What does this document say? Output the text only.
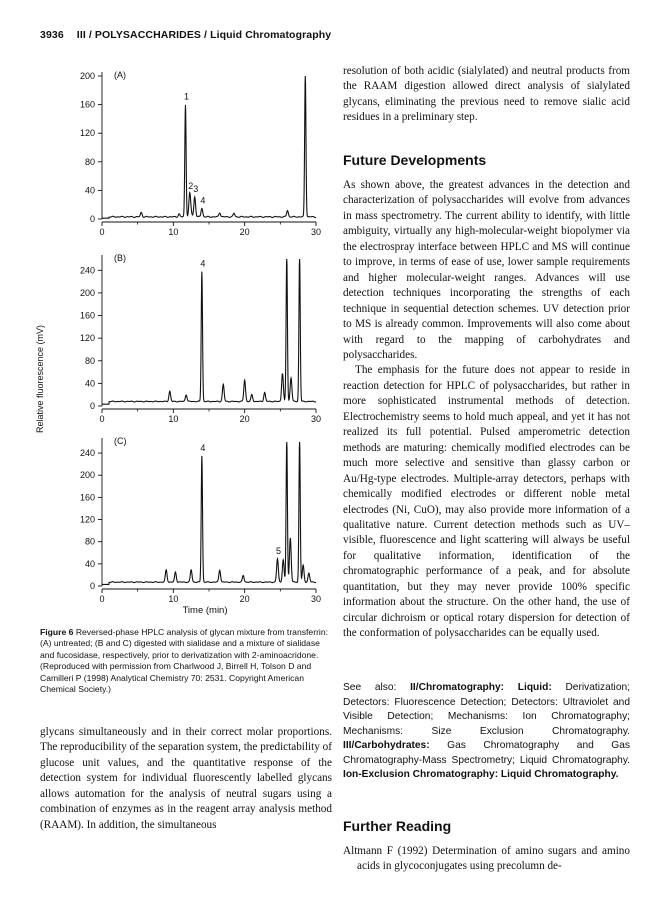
3936 III / POLYSACCHARIDES / Liquid Chromatography
Relative fluorescence (mV)
0
40
80
120
160
200
0	10	20	30
(A)
1
2 3
4
0
40
80
120
160
200
240
0	10	20	30
(B)
4
0
40
80
120
160
200
240
0	10	20	30
(C)
4
5
Time (min)
Figure 6 Reversed-phase HPLC analysis of glycan mixture from transferrin: (A) untreated; (B and C) digested with sialidase and a mixture of sialidase and fucosidase, respectively, prior to derivatization with 2-aminoacridone. (Reproduced with permission from Charlwood J, Birrell H, Tolson D and Camilleri P (1998) Analytical Chemistry 70: 2531. Copyright American Chemical Society.)

glycans simultaneously and in their correct molar proportions. The reproducibility of the separation system, the predictability of glucose unit values, and the quantitative response of the detection system for individual fluorescently labelled glycans allows automation for the analysis of neutral sugars using a combination of enzymes as in the reagent array analysis method (RAAM). In addition, the simultaneous

resolution of both acidic (sialylated) and neutral products from the RAAM digestion allowed direct analysis of sialylated glycans, eliminating the previous need to remove sialic acid residues in a preliminary step.

Future Developments

As shown above, the greatest advances in the detection and characterization of polysaccharides will evolve from advances in mass spectrometry. The current ability to identify, with little ambiguity, virtually any high-molecular-weight biopolymer via the electrospray interface between HPLC and MS will continue to improve, in terms of ease of use, lower sample requirements and higher molecular-weight ranges. Advances will use detection techniques incorporating the strengths of each technique in sequential detection schemes. UV detection prior to MS is already common. Improvements will also come about with regard to the mapping of carbohydrates and polysaccharides.

The emphasis for the future does not appear to reside in reaction detection for HPLC of polysaccharides, but rather in more sophisticated instrumental methods of detection. Electrochemistry seems to hold much appeal, and yet it has not realized its full potential. Pulsed amperometric detection methods are maturing: chemically modified electrodes can be much more selective and sensitive than glassy carbon or Au/Hg-type electrodes. Multiple-array detectors, perhaps with chemically modified electrodes or different noble metal electrodes (Ni, CuO), may also provide more information of a qualitative nature. Current detection methods such as UV–visible, fluorescence and light scattering will always be useful for qualitative information, identification of the chromatographic performance of a peak, and for absolute quantitation, but they may never provide 100% specific information about the structure. On the other hand, the use of circular dichroism or optical rotary dispersion for detection of the conformation of polysaccharides can be equally used.

See also: II/Chromatography: Liquid: Derivatization; Detectors: Fluorescence Detection; Detectors: Ultraviolet and Visible Detection; Mechanisms: Ion Chromatography; Mechanisms: Size Exclusion Chromatography. III/Carbohydrates: Gas Chromatography and Gas Chromatography-Mass Spectrometry; Liquid Chromatography. Ion-Exclusion Chromatography: Liquid Chromatography.
Further Reading

Altmann F (1992) Determination of amino sugars and amino acids in glycoconjugates using precolumn de-
